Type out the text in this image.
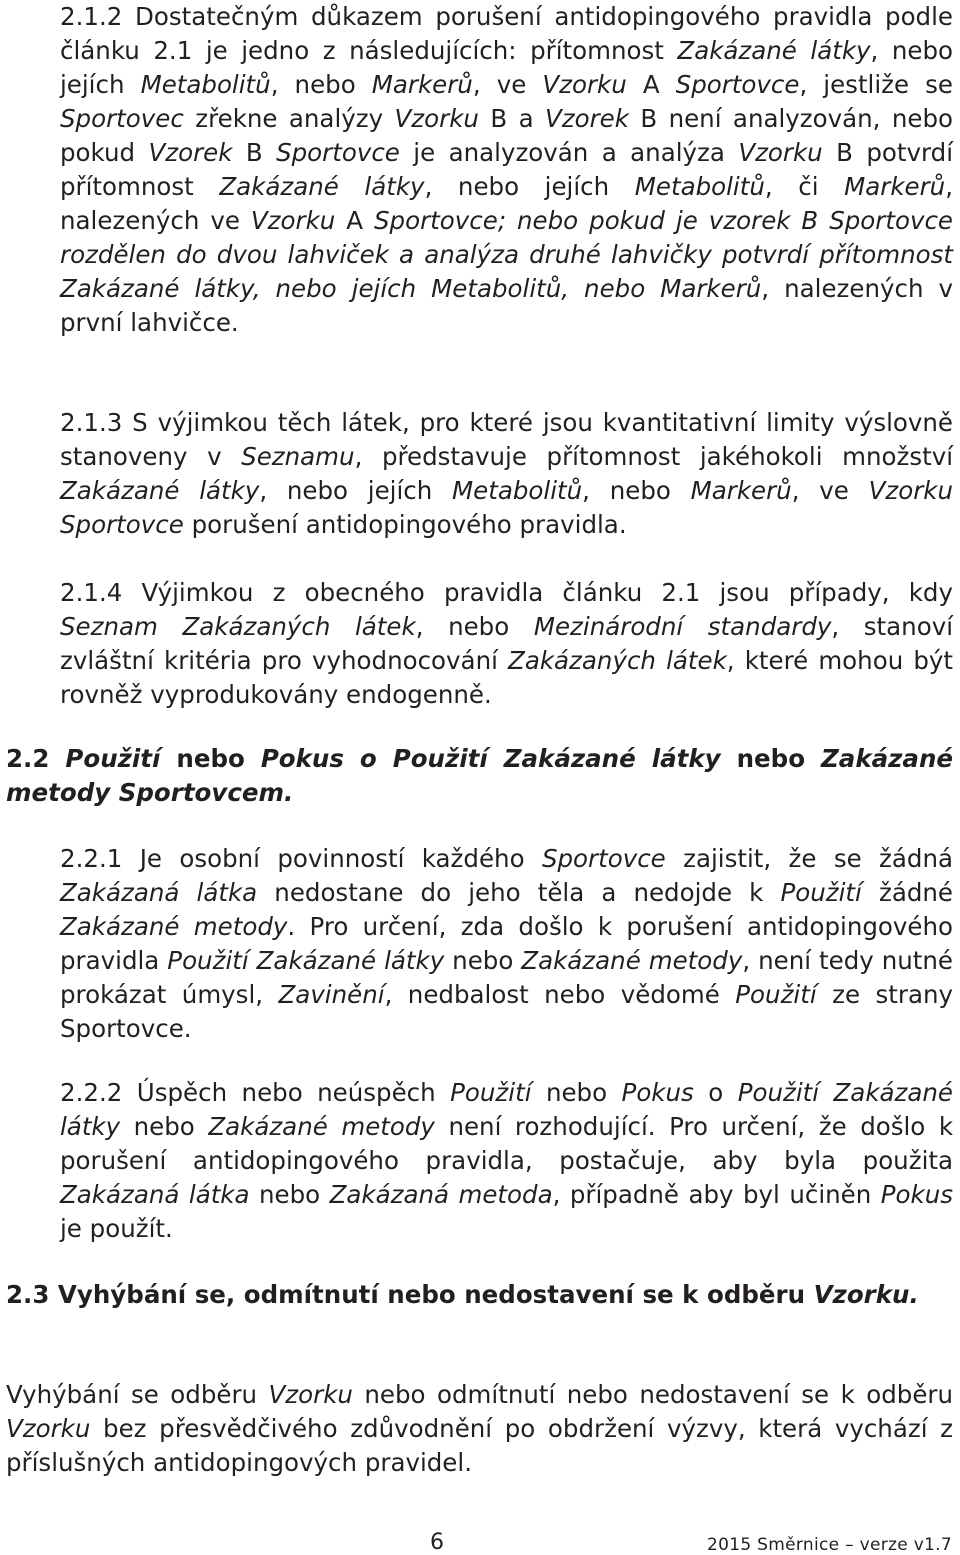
2.1.2 Dostatečným důkazem porušení antidopingového pravidla podle článku 2.1 je jedno z následujících: přítomnost Zakázané látky, nebo jejích Metabolitů, nebo Markerů, ve Vzorku A Sportovce, jestliže se Sportovec zřekne analýzy Vzorku B a Vzorek B není analyzován, nebo pokud Vzorek B Sportovce je analyzován a analýza Vzorku B potvrdí přítomnost Zakázané látky, nebo jejích Metabolitů, či Markerů, nalezených ve Vzorku A Sportovce; nebo pokud je vzorek B Sportovce rozdělen do dvou lahviček a analýza druhé lahvičky potvrdí přítomnost Zakázané látky, nebo jejích Metabolitů, nebo Markerů, nalezených v první lahvičce.

2.1.3 S výjimkou těch látek, pro které jsou kvantitativní limity výslovně stanoveny v Seznamu, představuje přítomnost jakéhokoli množství Zakázané látky, nebo jejích Metabolitů, nebo Markerů, ve Vzorku Sportovce porušení antidopingového pravidla.

2.1.4 Výjimkou z obecného pravidla článku 2.1 jsou případy, kdy Seznam Zakázaných látek, nebo Mezinárodní standardy, stanoví zvláštní kritéria pro vyhodnocování Zakázaných látek, které mohou být rovněž vyprodukovány endogenně.

2.2 Použití nebo Pokus o Použití Zakázané látky nebo Zakázané metody Sportovcem.

2.2.1 Je osobní povinností každého Sportovce zajistit, že se žádná Zakázaná látka nedostane do jeho těla a nedojde k Použití žádné Zakázané metody. Pro určení, zda došlo k porušení antidopingového pravidla Použití Zakázané látky nebo Zakázané metody, není tedy nutné prokázat úmysl, Zavinění, nedbalost nebo vědomé Použití ze strany Sportovce.

2.2.2 Úspěch nebo neúspěch Použití nebo Pokus o Použití Zakázané látky nebo Zakázané metody není rozhodující. Pro určení, že došlo k porušení antidopingového pravidla, postačuje, aby byla použita Zakázaná látka nebo Zakázaná metoda, případně aby byl učiněn Pokus je použít.

2.3 Vyhýbání se, odmítnutí nebo nedostavení se k odběru Vzorku.

Vyhýbání se odběru Vzorku nebo odmítnutí nebo nedostavení se k odběru Vzorku bez přesvědčivého zdůvodnění po obdržení výzvy, která vychází z příslušných antidopingových pravidel.

6	2015 Směrnice – verze v1.7
